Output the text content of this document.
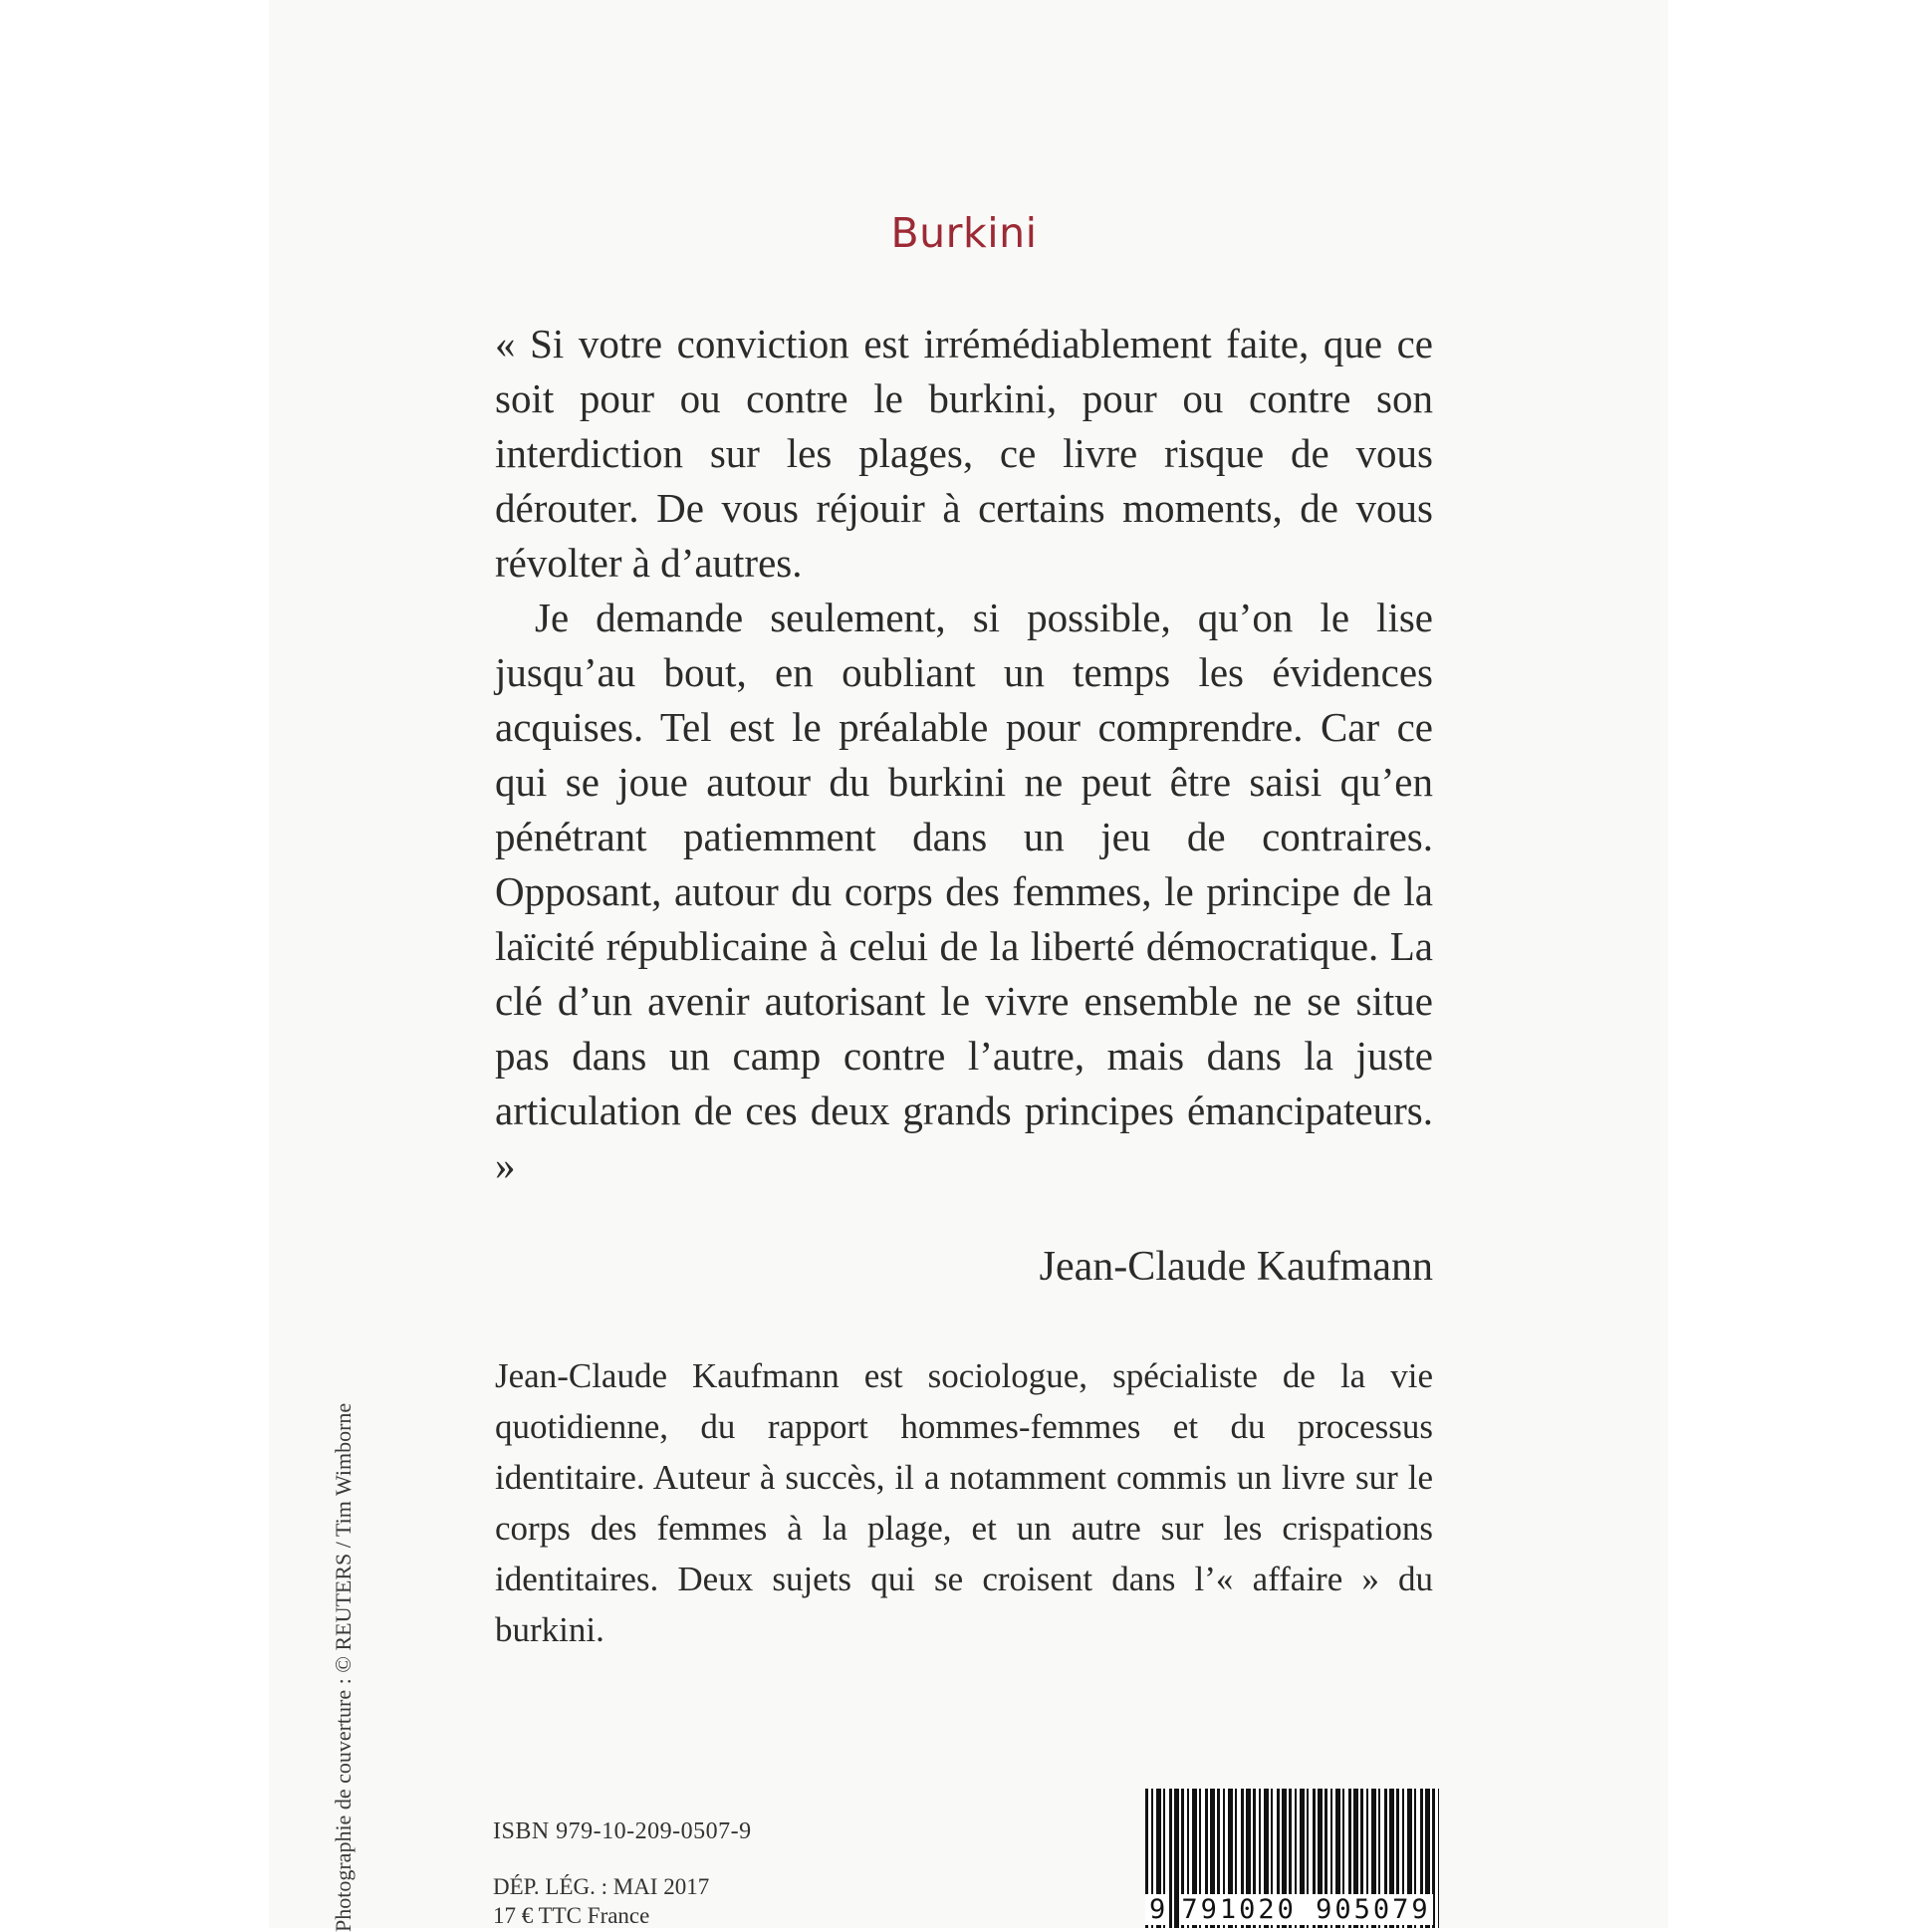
Burkini

« Si votre conviction est irrémédiablement faite, que ce soit pour ou contre le burkini, pour ou contre son interdiction sur les plages, ce livre risque de vous dérouter. De vous réjouir à certains moments, de vous révolter à d’autres.

Je demande seulement, si possible, qu’on le lise jusqu’au bout, en oubliant un temps les évidences acquises. Tel est le préalable pour comprendre. Car ce qui se joue autour du burkini ne peut être saisi qu’en pénétrant patiemment dans un jeu de contraires. Opposant, autour du corps des femmes, le principe de la laïcité républicaine à celui de la liberté démocratique. La clé d’un avenir autorisant le vivre ensemble ne se situe pas dans un camp contre l’autre, mais dans la juste articulation de ces deux grands principes émancipateurs. »

Jean-Claude Kaufmann
Jean-Claude Kaufmann est sociologue, spécialiste de la vie quotidienne, du rapport hommes-femmes et du processus identitaire. Auteur à succès, il a notamment commis un livre sur le corps des femmes à la plage, et un autre sur les crispations identitaires. Deux sujets qui se croisent dans l’« affaire » du burkini.
Photographie de couverture : © REUTERS / Tim Wimborne	ISBN 979-10-209-0507-9
DÉP. LÉG. : MAI 2017
17 € TTC France	9 791020 905079
